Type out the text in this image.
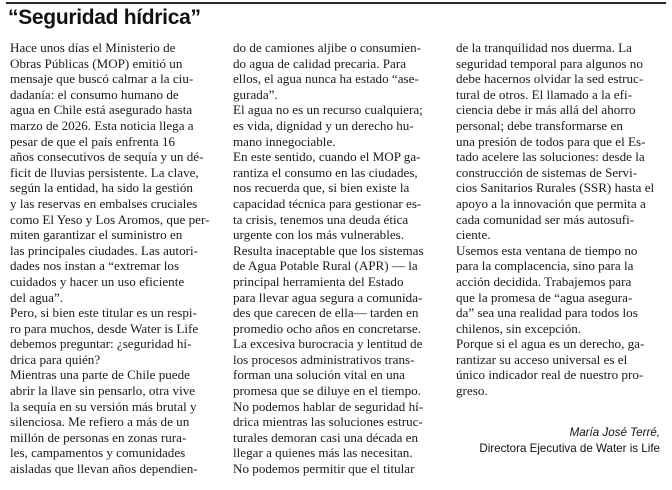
“Seguridad hídrica”
Hace unos días el Ministerio de
Obras Públicas (MOP) emitió un
mensaje que buscó calmar a la ciu-
dadanía: el consumo humano de
agua en Chile está asegurado hasta
marzo de 2026. Esta noticia llega a
pesar de que el país enfrenta 16
años consecutivos de sequía y un dé-
ficit de lluvias persistente. La clave,
según la entidad, ha sido la gestión
y las reservas en embalses cruciales
como El Yeso y Los Aromos, que per-
miten garantizar el suministro en
las principales ciudades. Las autori-
dades nos instan a “extremar los
cuidados y hacer un uso eficiente
del agua”.
Pero, si bien este titular es un respi-
ro para muchos, desde Water is Life
debemos preguntar: ¿seguridad hí-
drica para quién?
Mientras una parte de Chile puede
abrir la llave sin pensarlo, otra vive
la sequía en su versión más brutal y
silenciosa. Me refiero a más de un
millón de personas en zonas rura-
les, campamentos y comunidades
aisladas que llevan años dependien-
do de camiones aljibe o consumien-
do agua de calidad precaria. Para
ellos, el agua nunca ha estado “ase-
gurada”.
El agua no es un recurso cualquiera;
es vida, dignidad y un derecho hu-
mano innegociable.
En este sentido, cuando el MOP ga-
rantiza el consumo en las ciudades,
nos recuerda que, si bien existe la
capacidad técnica para gestionar es-
ta crisis, tenemos una deuda ética
urgente con los más vulnerables.
Resulta inaceptable que los sistemas
de Agua Potable Rural (APR) — la
principal herramienta del Estado
para llevar agua segura a comunida-
des que carecen de ella— tarden en
promedio ocho años en concretarse.
La excesiva burocracia y lentitud de
los procesos administrativos trans-
forman una solución vital en una
promesa que se diluye en el tiempo.
No podemos hablar de seguridad hí-
drica mientras las soluciones estruc-
turales demoran casi una década en
llegar a quienes más las necesitan.
No podemos permitir que el titular
de la tranquilidad nos duerma. La
seguridad temporal para algunos no
debe hacernos olvidar la sed estruc-
tural de otros. El llamado a la efi-
ciencia debe ir más allá del ahorro
personal; debe transformarse en
una presión de todos para que el Es-
tado acelere las soluciones: desde la
construcción de sistemas de Servi-
cios Sanitarios Rurales (SSR) hasta el
apoyo a la innovación que permita a
cada comunidad ser más autosufi-
ciente.
Usemos esta ventana de tiempo no
para la complacencia, sino para la
acción decidida. Trabajemos para
que la promesa de “agua asegura-
da” sea una realidad para todos los
chilenos, sin excepción.
Porque si el agua es un derecho, ga-
rantizar su acceso universal es el
único indicador real de nuestro pro-
greso.
María José Terré,
Directora Ejecutiva de Water is Life
